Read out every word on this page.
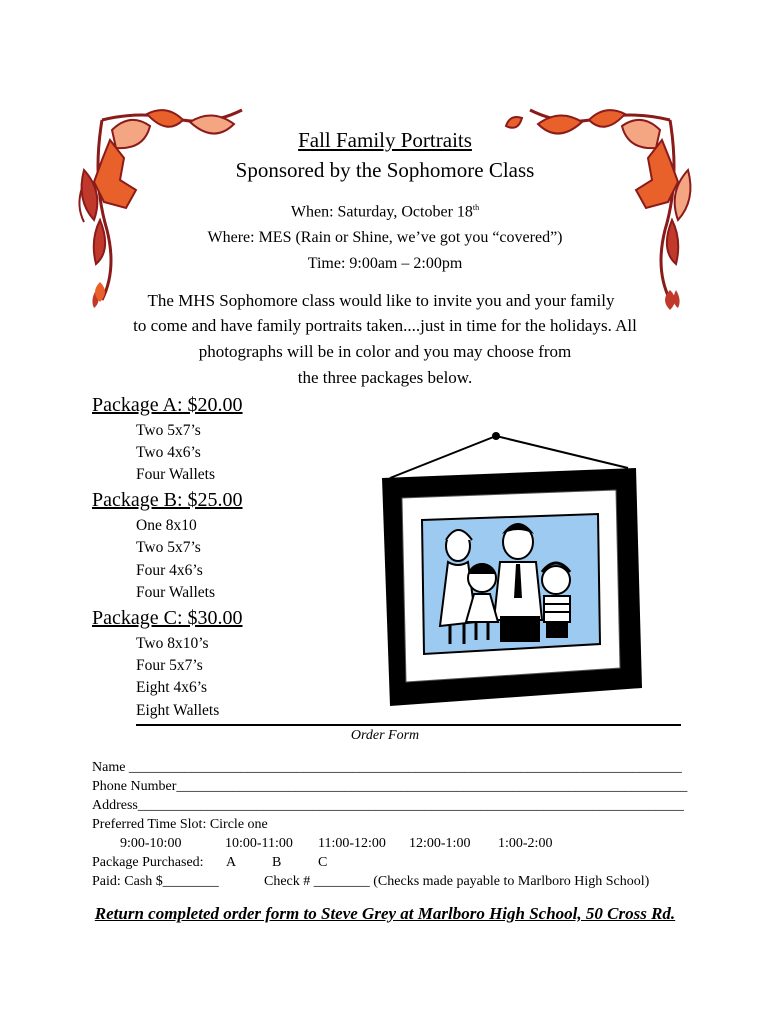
Fall Family Portraits
Sponsored by the Sophomore Class
When: Saturday, October 18th
Where: MES (Rain or Shine, we’ve got you “covered”)
Time: 9:00am – 2:00pm
The MHS Sophomore class would like to invite you and your family
to come and have family portraits taken....just in time for the holidays. All
photographs will be in color and you may choose from
the three packages below.
Package A: $20.00
Two 5x7’s
Two 4x6’s
Four Wallets
Package B: $25.00
One 8x10
Two 5x7’s
Four 4x6’s
Four Wallets
Package C: $30.00
Two 8x10’s
Four 5x7’s
Eight 4x6’s
Eight Wallets
Order Form
Name _______________________________________________________________________________
Phone Number_________________________________________________________________________
Address______________________________________________________________________________
Preferred Time Slot: Circle one
9:00-10:00	10:00-11:00 11:00-12:00 12:00-1:00 1:00-2:00
Package Purchased: A	B	C
Paid: Cash $________	Check # ________ (Checks made payable to Marlboro High School)
Return completed order form to Steve Grey at Marlboro High School, 50 Cross Rd.
